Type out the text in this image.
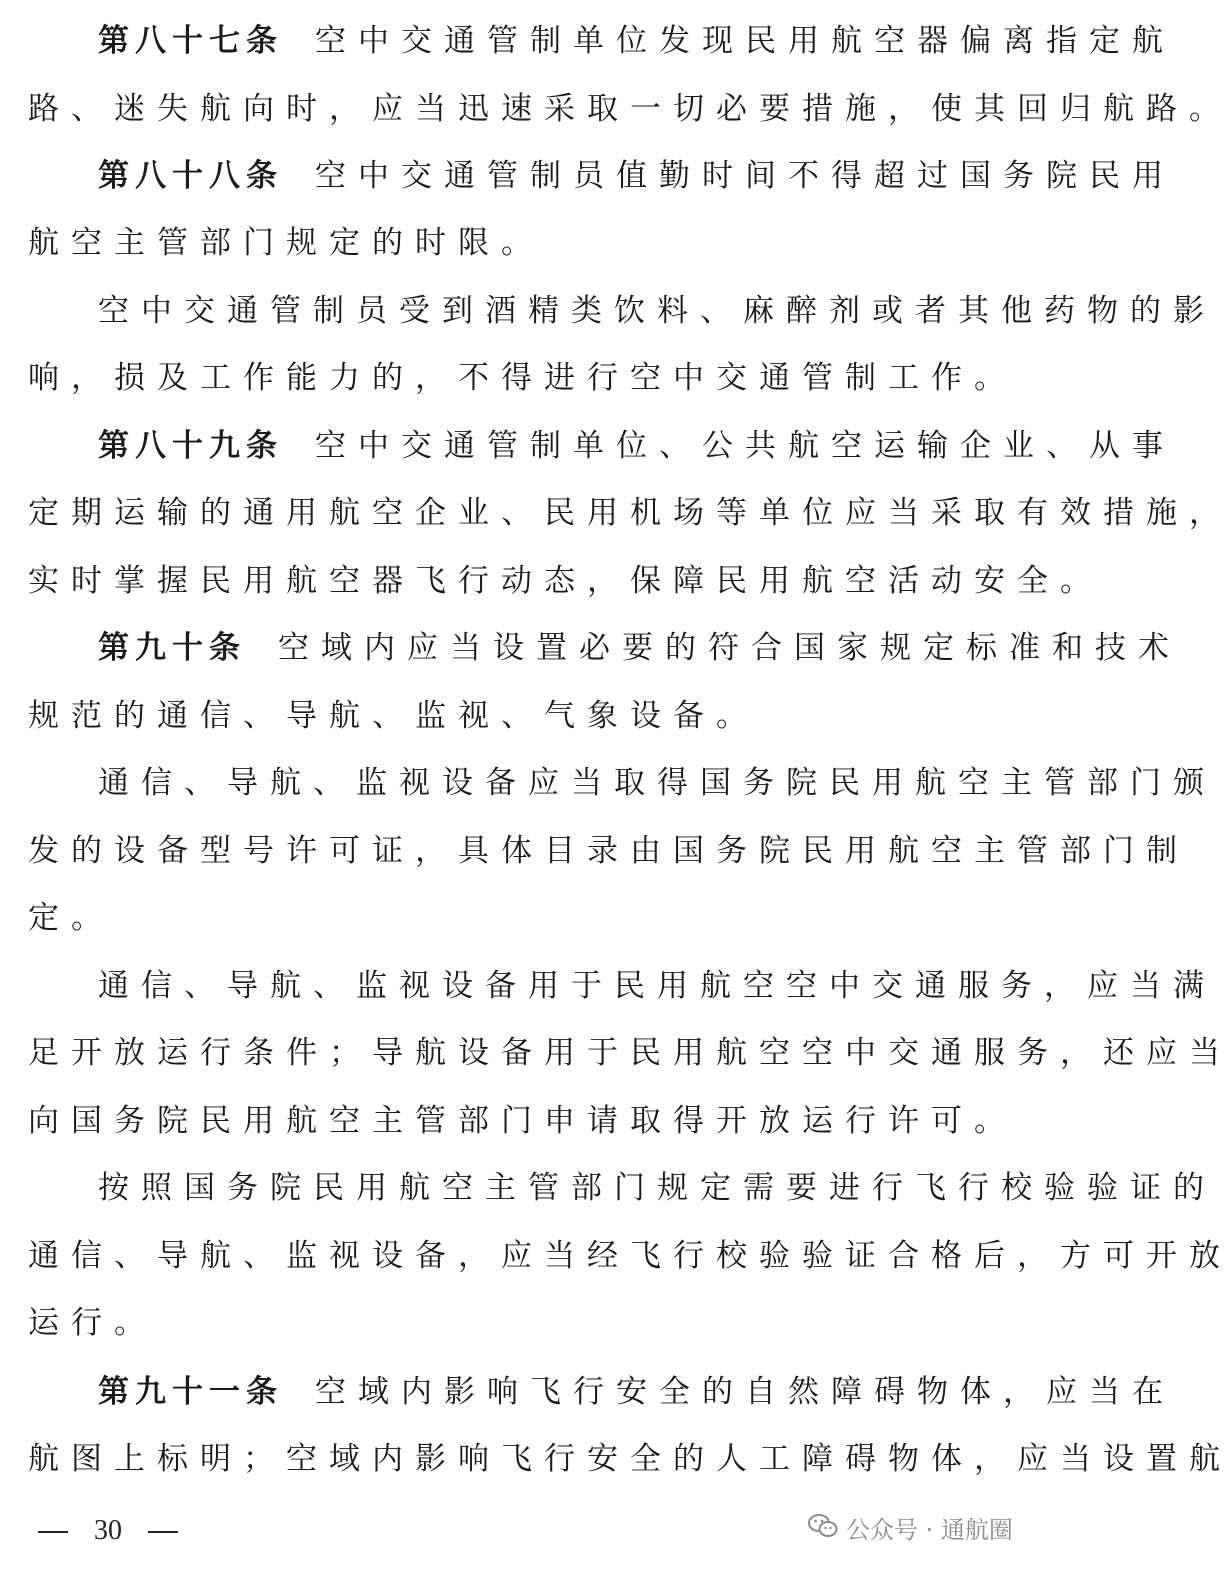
第八十七条 空中交通管制单位发现民用航空器偏离指定航
路、迷失航向时，应当迅速采取一切必要措施，使其回归航路。
第八十八条 空中交通管制员值勤时间不得超过国务院民用
航空主管部门规定的时限。
空中交通管制员受到酒精类饮料、麻醉剂或者其他药物的影
响，损及工作能力的，不得进行空中交通管制工作。
第八十九条 空中交通管制单位、公共航空运输企业、从事
定期运输的通用航空企业、民用机场等单位应当采取有效措施，
实时掌握民用航空器飞行动态，保障民用航空活动安全。
第九十条 空域内应当设置必要的符合国家规定标准和技术
规范的通信、导航、监视、气象设备。
通信、导航、监视设备应当取得国务院民用航空主管部门颁
发的设备型号许可证，具体目录由国务院民用航空主管部门制
定。
通信、导航、监视设备用于民用航空空中交通服务，应当满
足开放运行条件；导航设备用于民用航空空中交通服务，还应当
向国务院民用航空主管部门申请取得开放运行许可。
按照国务院民用航空主管部门规定需要进行飞行校验验证的
通信、导航、监视设备，应当经飞行校验验证合格后，方可开放
运行。
第九十一条 空域内影响飞行安全的自然障碍物体，应当在
航图上标明；空域内影响飞行安全的人工障碍物体，应当设置航
30	公众号 · 通航圈
